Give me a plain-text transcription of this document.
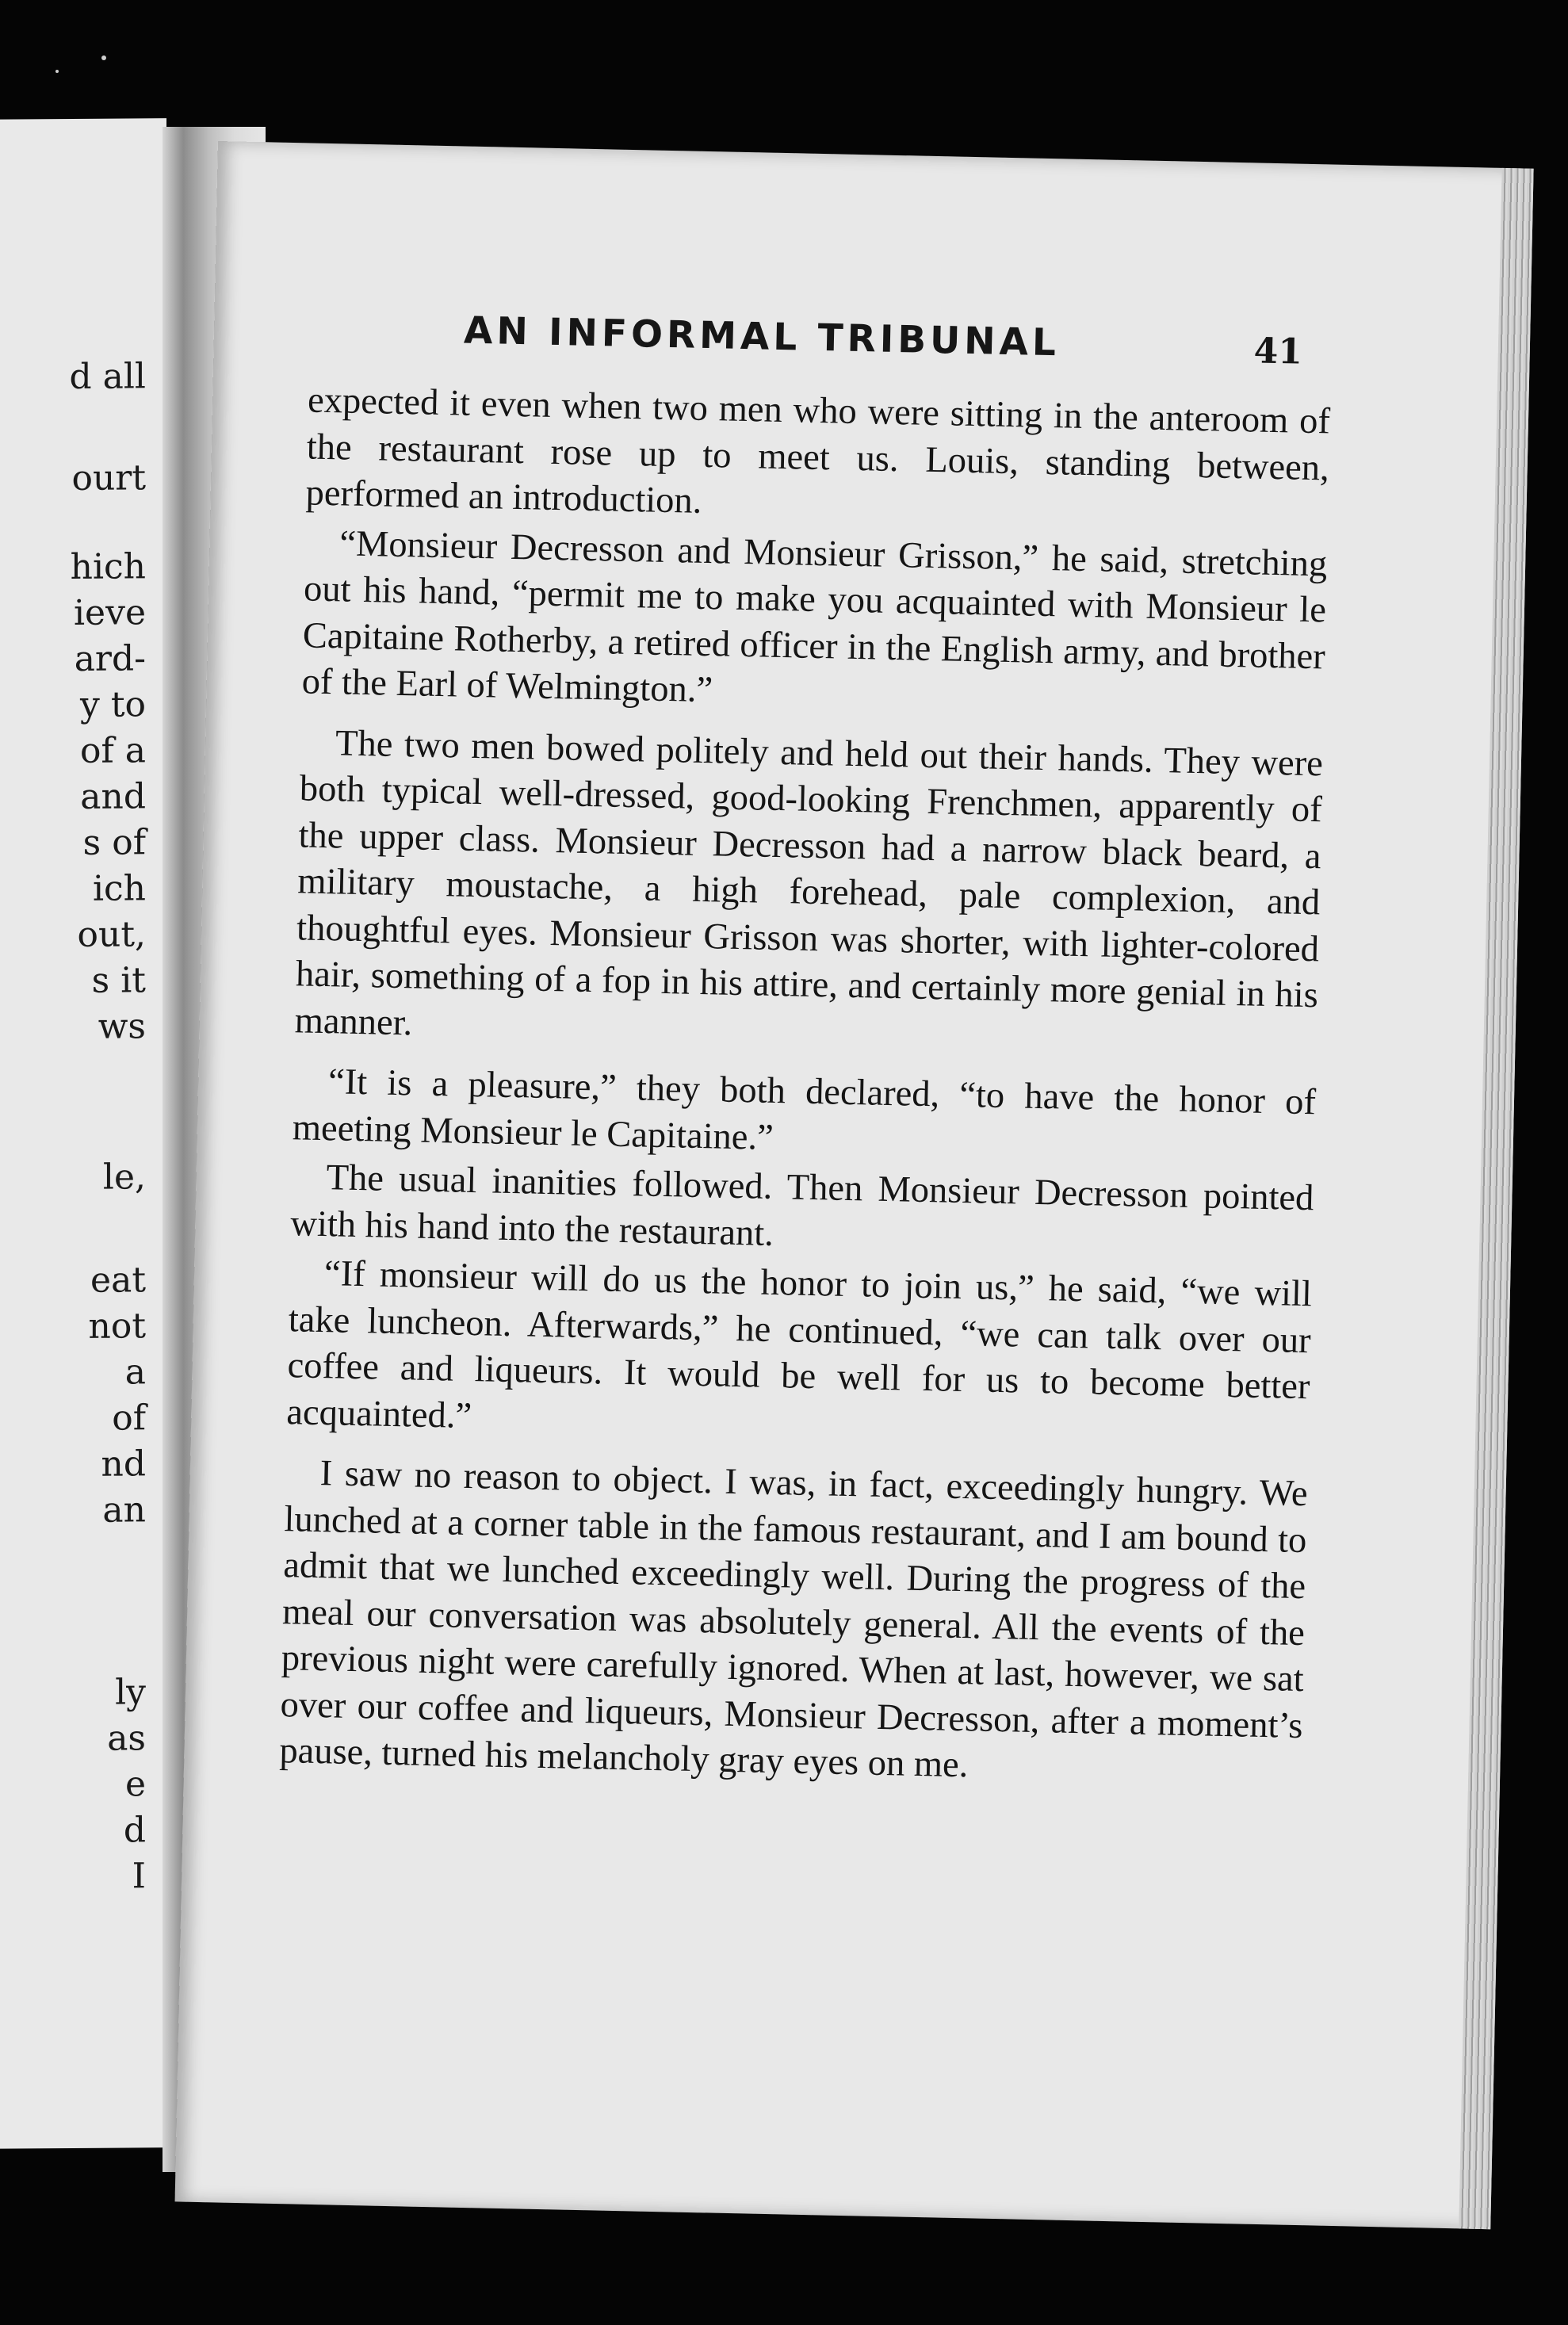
d all
ourt
hich
ieve
ard-
y to
of a
and
s of
ich
out,
s it
ws
le,
eat
not
a
of
nd
an
ly
as
e
d
I
AN INFORMAL TRIBUNAL	41

expected it even when two men who were sitting in the anteroom of the restaurant rose up to meet us. Louis, standing between, performed an introduction.

“Monsieur Decresson and Monsieur Grisson,” he said, stretching out his hand, “permit me to make you acquainted with Monsieur le Capitaine Rotherby, a retired officer in the English army, and brother of the Earl of Welmington.”

The two men bowed politely and held out their hands. They were both typical well-dressed, good-looking Frenchmen, apparently of the upper class. Monsieur Decresson had a narrow black beard, a military moustache, a high forehead, pale complexion, and thoughtful eyes. Monsieur Grisson was shorter, with lighter-colored hair, something of a fop in his attire, and certainly more genial in his manner.

“It is a pleasure,” they both declared, “to have the honor of meeting Monsieur le Capitaine.”

The usual inanities followed. Then Monsieur Decresson pointed with his hand into the restaurant.

“If monsieur will do us the honor to join us,” he said, “we will take luncheon. Afterwards,” he continued, “we can talk over our coffee and liqueurs. It would be well for us to become better acquainted.”

I saw no reason to object. I was, in fact, exceedingly hungry. We lunched at a corner table in the famous restaurant, and I am bound to admit that we lunched exceedingly well. During the progress of the meal our conversation was absolutely general. All the events of the previous night were carefully ignored. When at last, however, we sat over our coffee and liqueurs, Monsieur Decresson, after a moment’s pause, turned his melancholy gray eyes on me.
